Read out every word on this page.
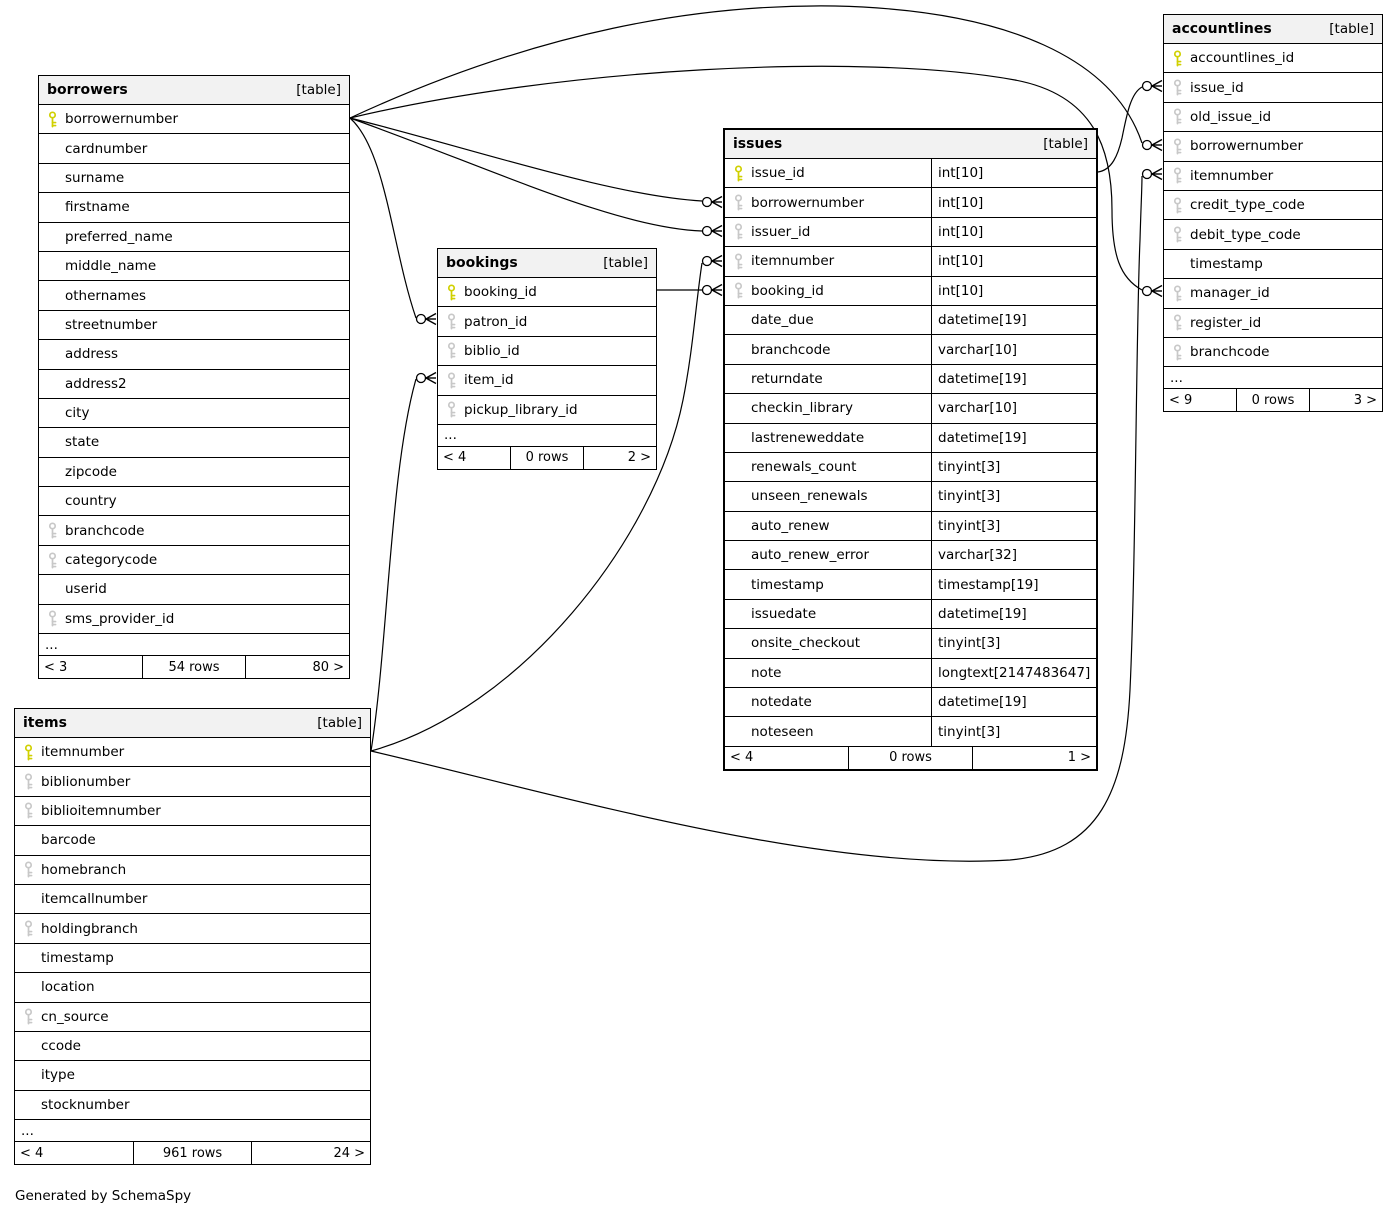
borrowers	[table]
borrowernumber
cardnumber
surname
firstname
preferred_name
middle_name
othernames
streetnumber
address
address2
city
state
zipcode
country
branchcode
categorycode
userid
sms_provider_id
...
< 3	54 rows	80 >
items	[table]
itemnumber
biblionumber
biblioitemnumber
barcode
homebranch
itemcallnumber
holdingbranch
timestamp
location
cn_source
ccode
itype
stocknumber
...
< 4	961 rows	24 >
bookings	[table]
booking_id
patron_id
biblio_id
item_id
pickup_library_id
...
< 4	0 rows	2 >
issues	[table]
issue_id	int[10]
borrowernumber	int[10]
issuer_id	int[10]
itemnumber	int[10]
booking_id	int[10]
date_due	datetime[19]
branchcode	varchar[10]
returndate	datetime[19]
checkin_library	varchar[10]
lastreneweddate	datetime[19]
renewals_count	tinyint[3]
unseen_renewals	tinyint[3]
auto_renew	tinyint[3]
auto_renew_error	varchar[32]
timestamp	timestamp[19]
issuedate	datetime[19]
onsite_checkout	tinyint[3]
note	longtext[2147483647]
notedate	datetime[19]
noteseen	tinyint[3]
< 4	0 rows	1 >
accountlines	[table]
accountlines_id
issue_id
old_issue_id
borrowernumber
itemnumber
credit_type_code
debit_type_code
timestamp
manager_id
register_id
branchcode
...
< 9	0 rows	3 >
Generated by SchemaSpy
